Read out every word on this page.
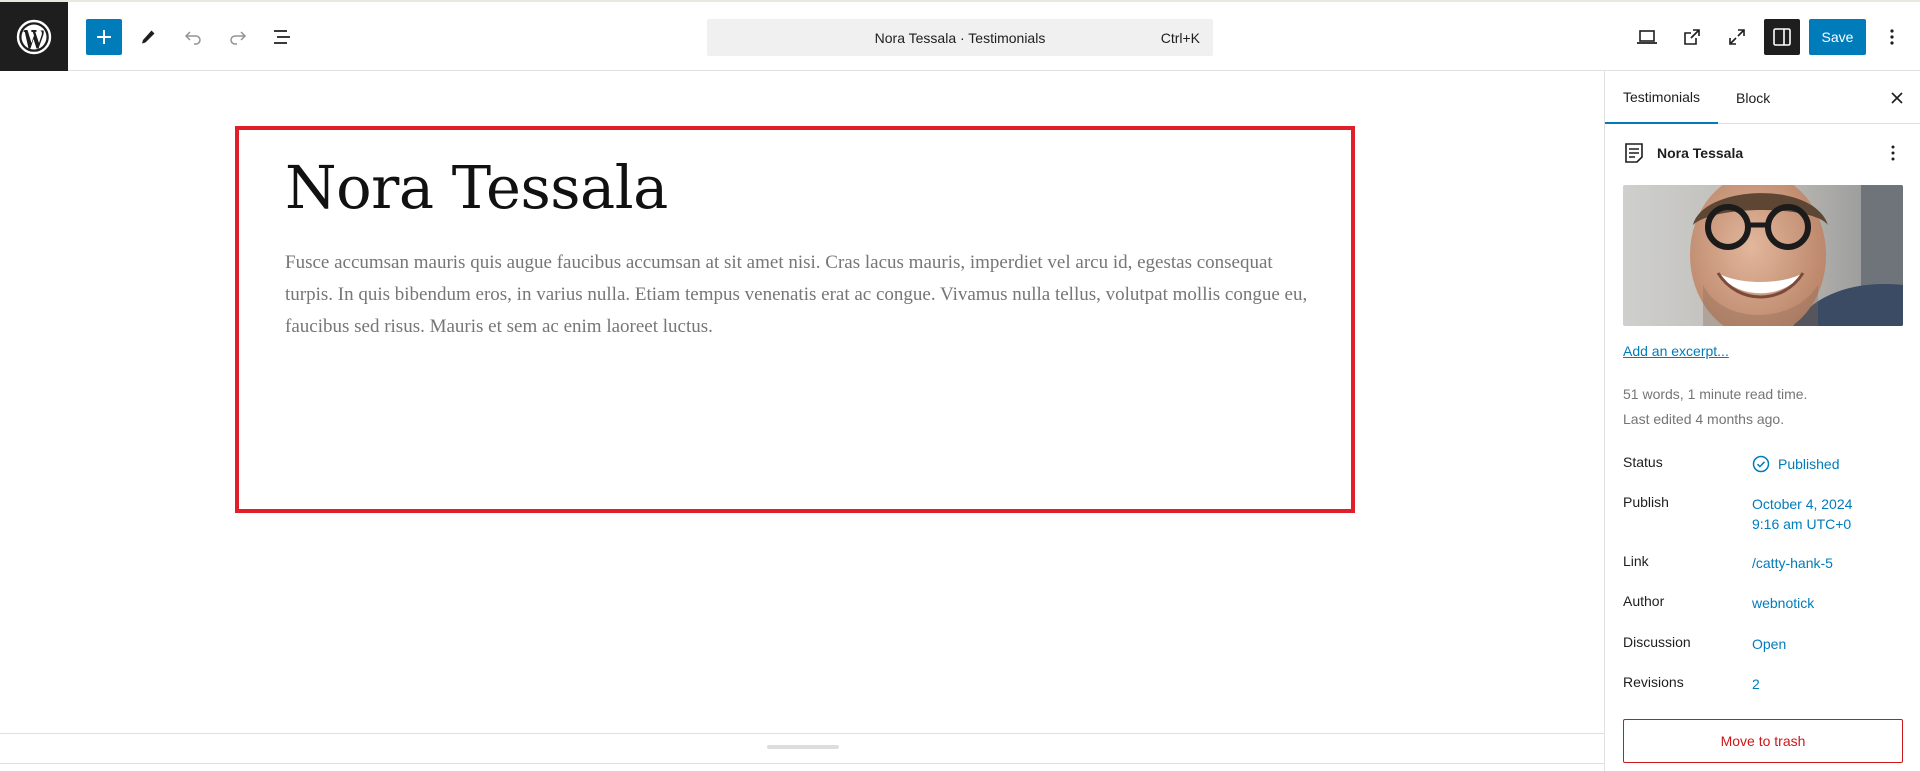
Nora Tessala · Testimonials	Ctrl+K	Save
Nora Tessala

Fusce accumsan mauris quis augue faucibus accumsan at sit amet nisi. Cras lacus mauris, imperdiet vel arcu id, egestas consequat turpis. In quis bibendum eros, in varius nulla. Etiam tempus venenatis erat ac congue. Vivamus nulla tellus, volutpat mollis congue eu, faucibus sed risus. Mauris et sem ac enim laoreet luctus.

Testimonials	Block
Nora Tessala
Add an excerpt...
51 words, 1 minute read time.
Last edited 4 months ago.
Status	Published
Publish	October 4, 2024
9:16 am UTC+0
Link	/catty-hank-5
Author	webnotick
Discussion	Open
Revisions	2
Move to trash
